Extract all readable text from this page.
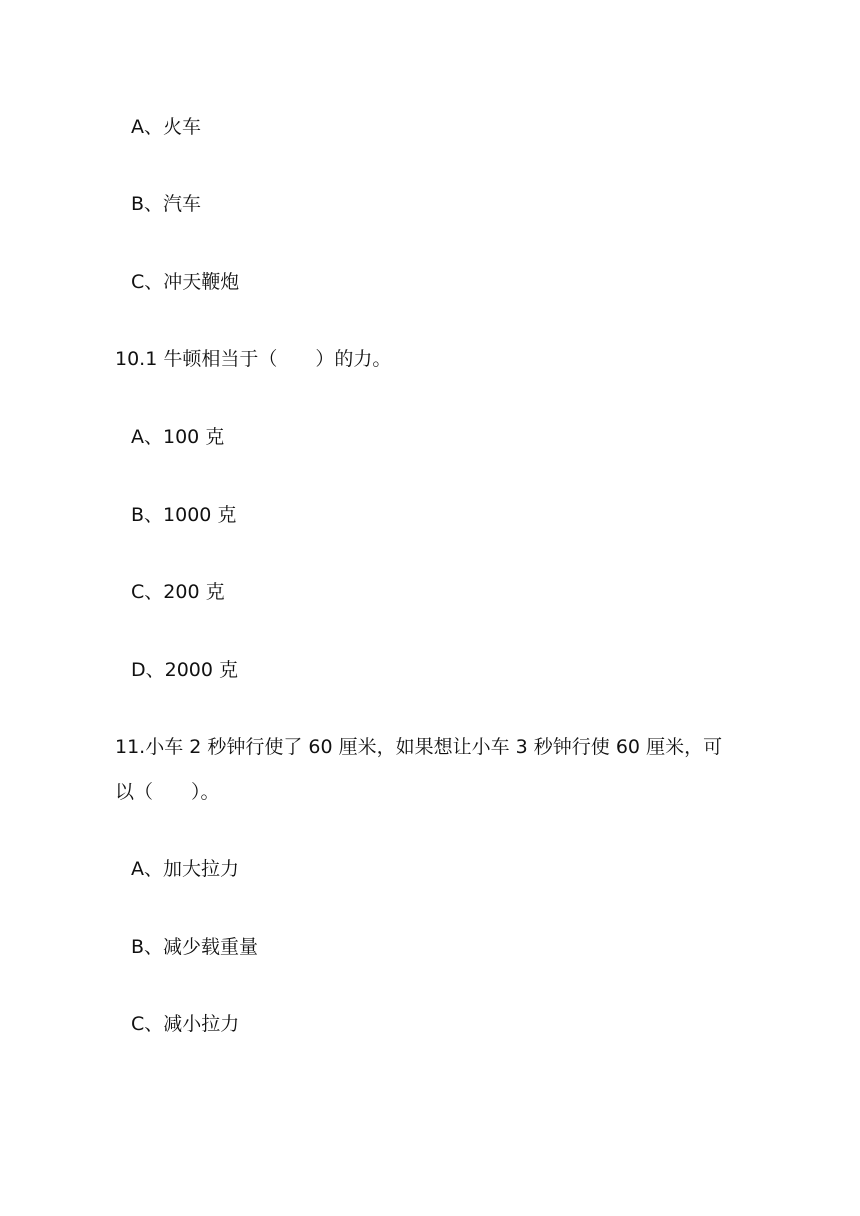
A、火车
B、汽车
C、冲天鞭炮
10.1 牛顿相当于（　　）的力。
A、100 克
B、1000 克
C、200 克
D、2000 克
11.小车 2 秒钟行使了 60 厘米，如果想让小车 3 秒钟行使 60 厘米，可
以（　　）。
A、加大拉力
B、减少载重量
C、减小拉力
